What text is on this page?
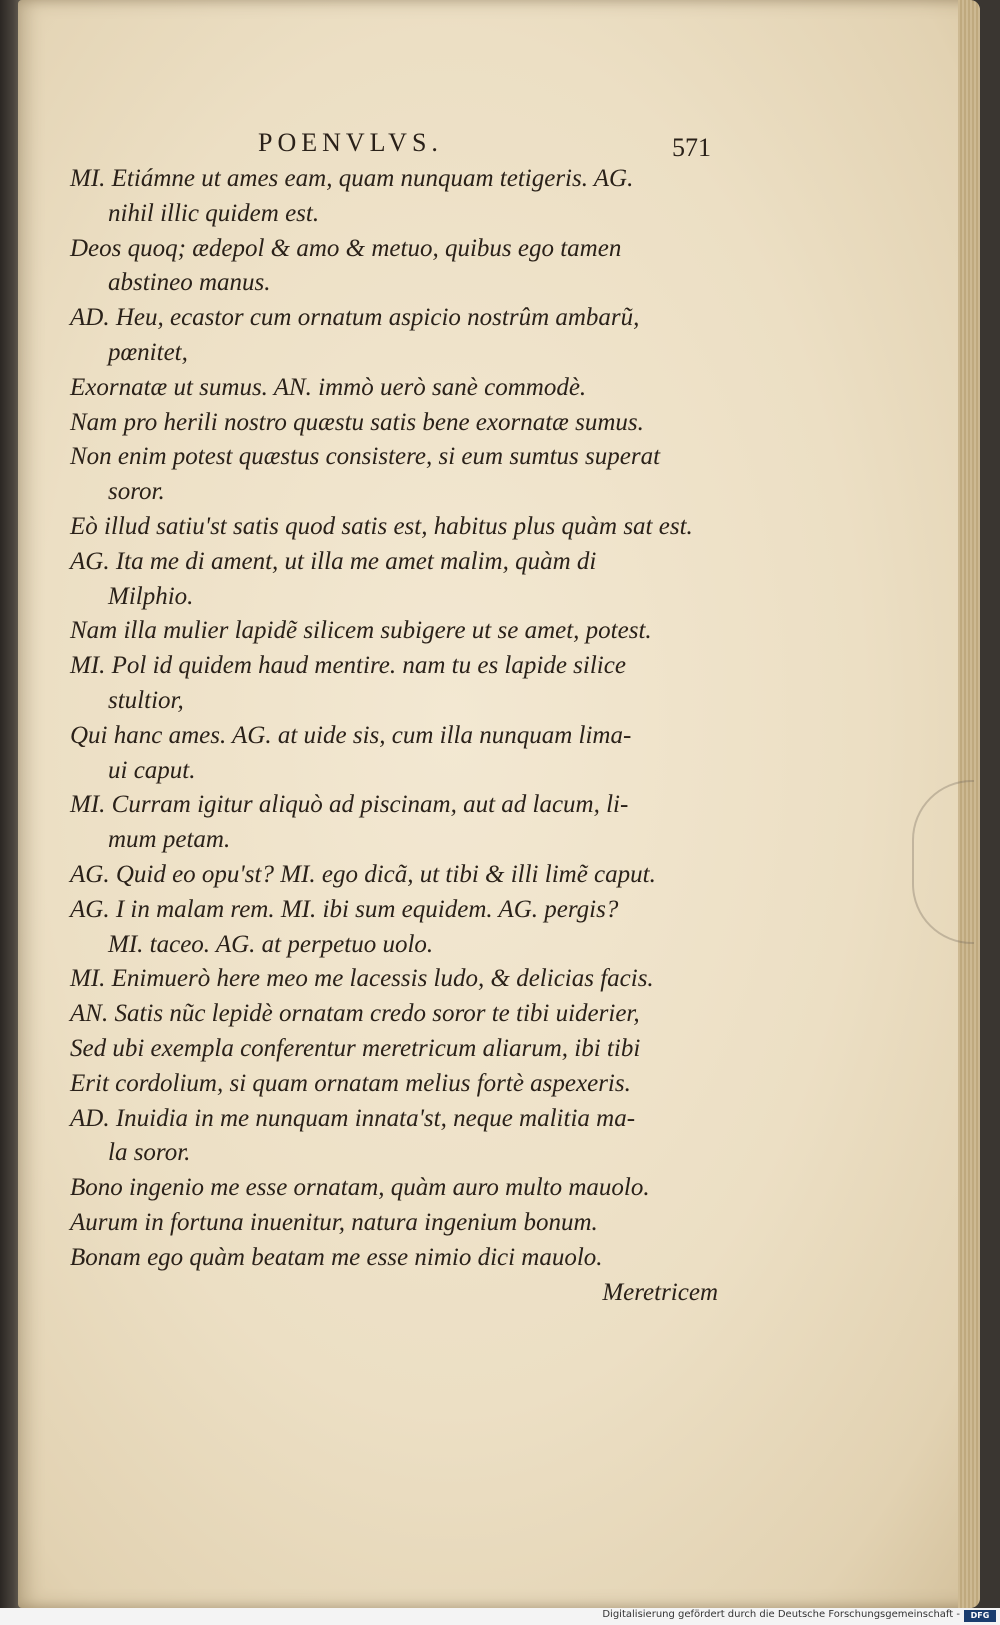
POENVLVS.	571
MI. Etiámne ut ames eam, quam nunquam tetigeris. AG.
nihil illic quidem est.
Deos quoq; ædepol & amo & metuo, quibus ego tamen
abstineo manus.
AD. Heu, ecastor cum ornatum aspicio nostrûm ambarũ,
pœnitet,
Exornatæ ut sumus. AN. immò uerò sanè commodè.
Nam pro herili nostro quæstu satis bene exornatæ sumus.
Non enim potest quæstus consistere, si eum sumtus superat
soror.
Eò illud satiu'st satis quod satis est, habitus plus quàm sat est.
AG. Ita me di ament, ut illa me amet malim, quàm di
Milphio.
Nam illa mulier lapidẽ silicem subigere ut se amet, potest.
MI. Pol id quidem haud mentire. nam tu es lapide silice
stultior,
Qui hanc ames. AG. at uide sis, cum illa nunquam lima-
ui caput.
MI. Curram igitur aliquò ad piscinam, aut ad lacum, li-
mum petam.
AG. Quid eo opu'st? MI. ego dicã, ut tibi & illi limẽ caput.
AG. I in malam rem. MI. ibi sum equidem. AG. pergis?
MI. taceo. AG. at perpetuo uolo.
MI. Enimuerò here meo me lacessis ludo, & delicias facis.
AN. Satis nũc lepidè ornatam credo soror te tibi uiderier,
Sed ubi exempla conferentur meretricum aliarum, ibi tibi
Erit cordolium, si quam ornatam melius fortè aspexeris.
AD. Inuidia in me nunquam innata'st, neque malitia ma-
la soror.
Bono ingenio me esse ornatam, quàm auro multo mauolo.
Aurum in fortuna inuenitur, natura ingenium bonum.
Bonam ego quàm beatam me esse nimio dici mauolo.
Meretricem
Digitalisierung gefördert durch die Deutsche Forschungsgemeinschaft -	DFG
